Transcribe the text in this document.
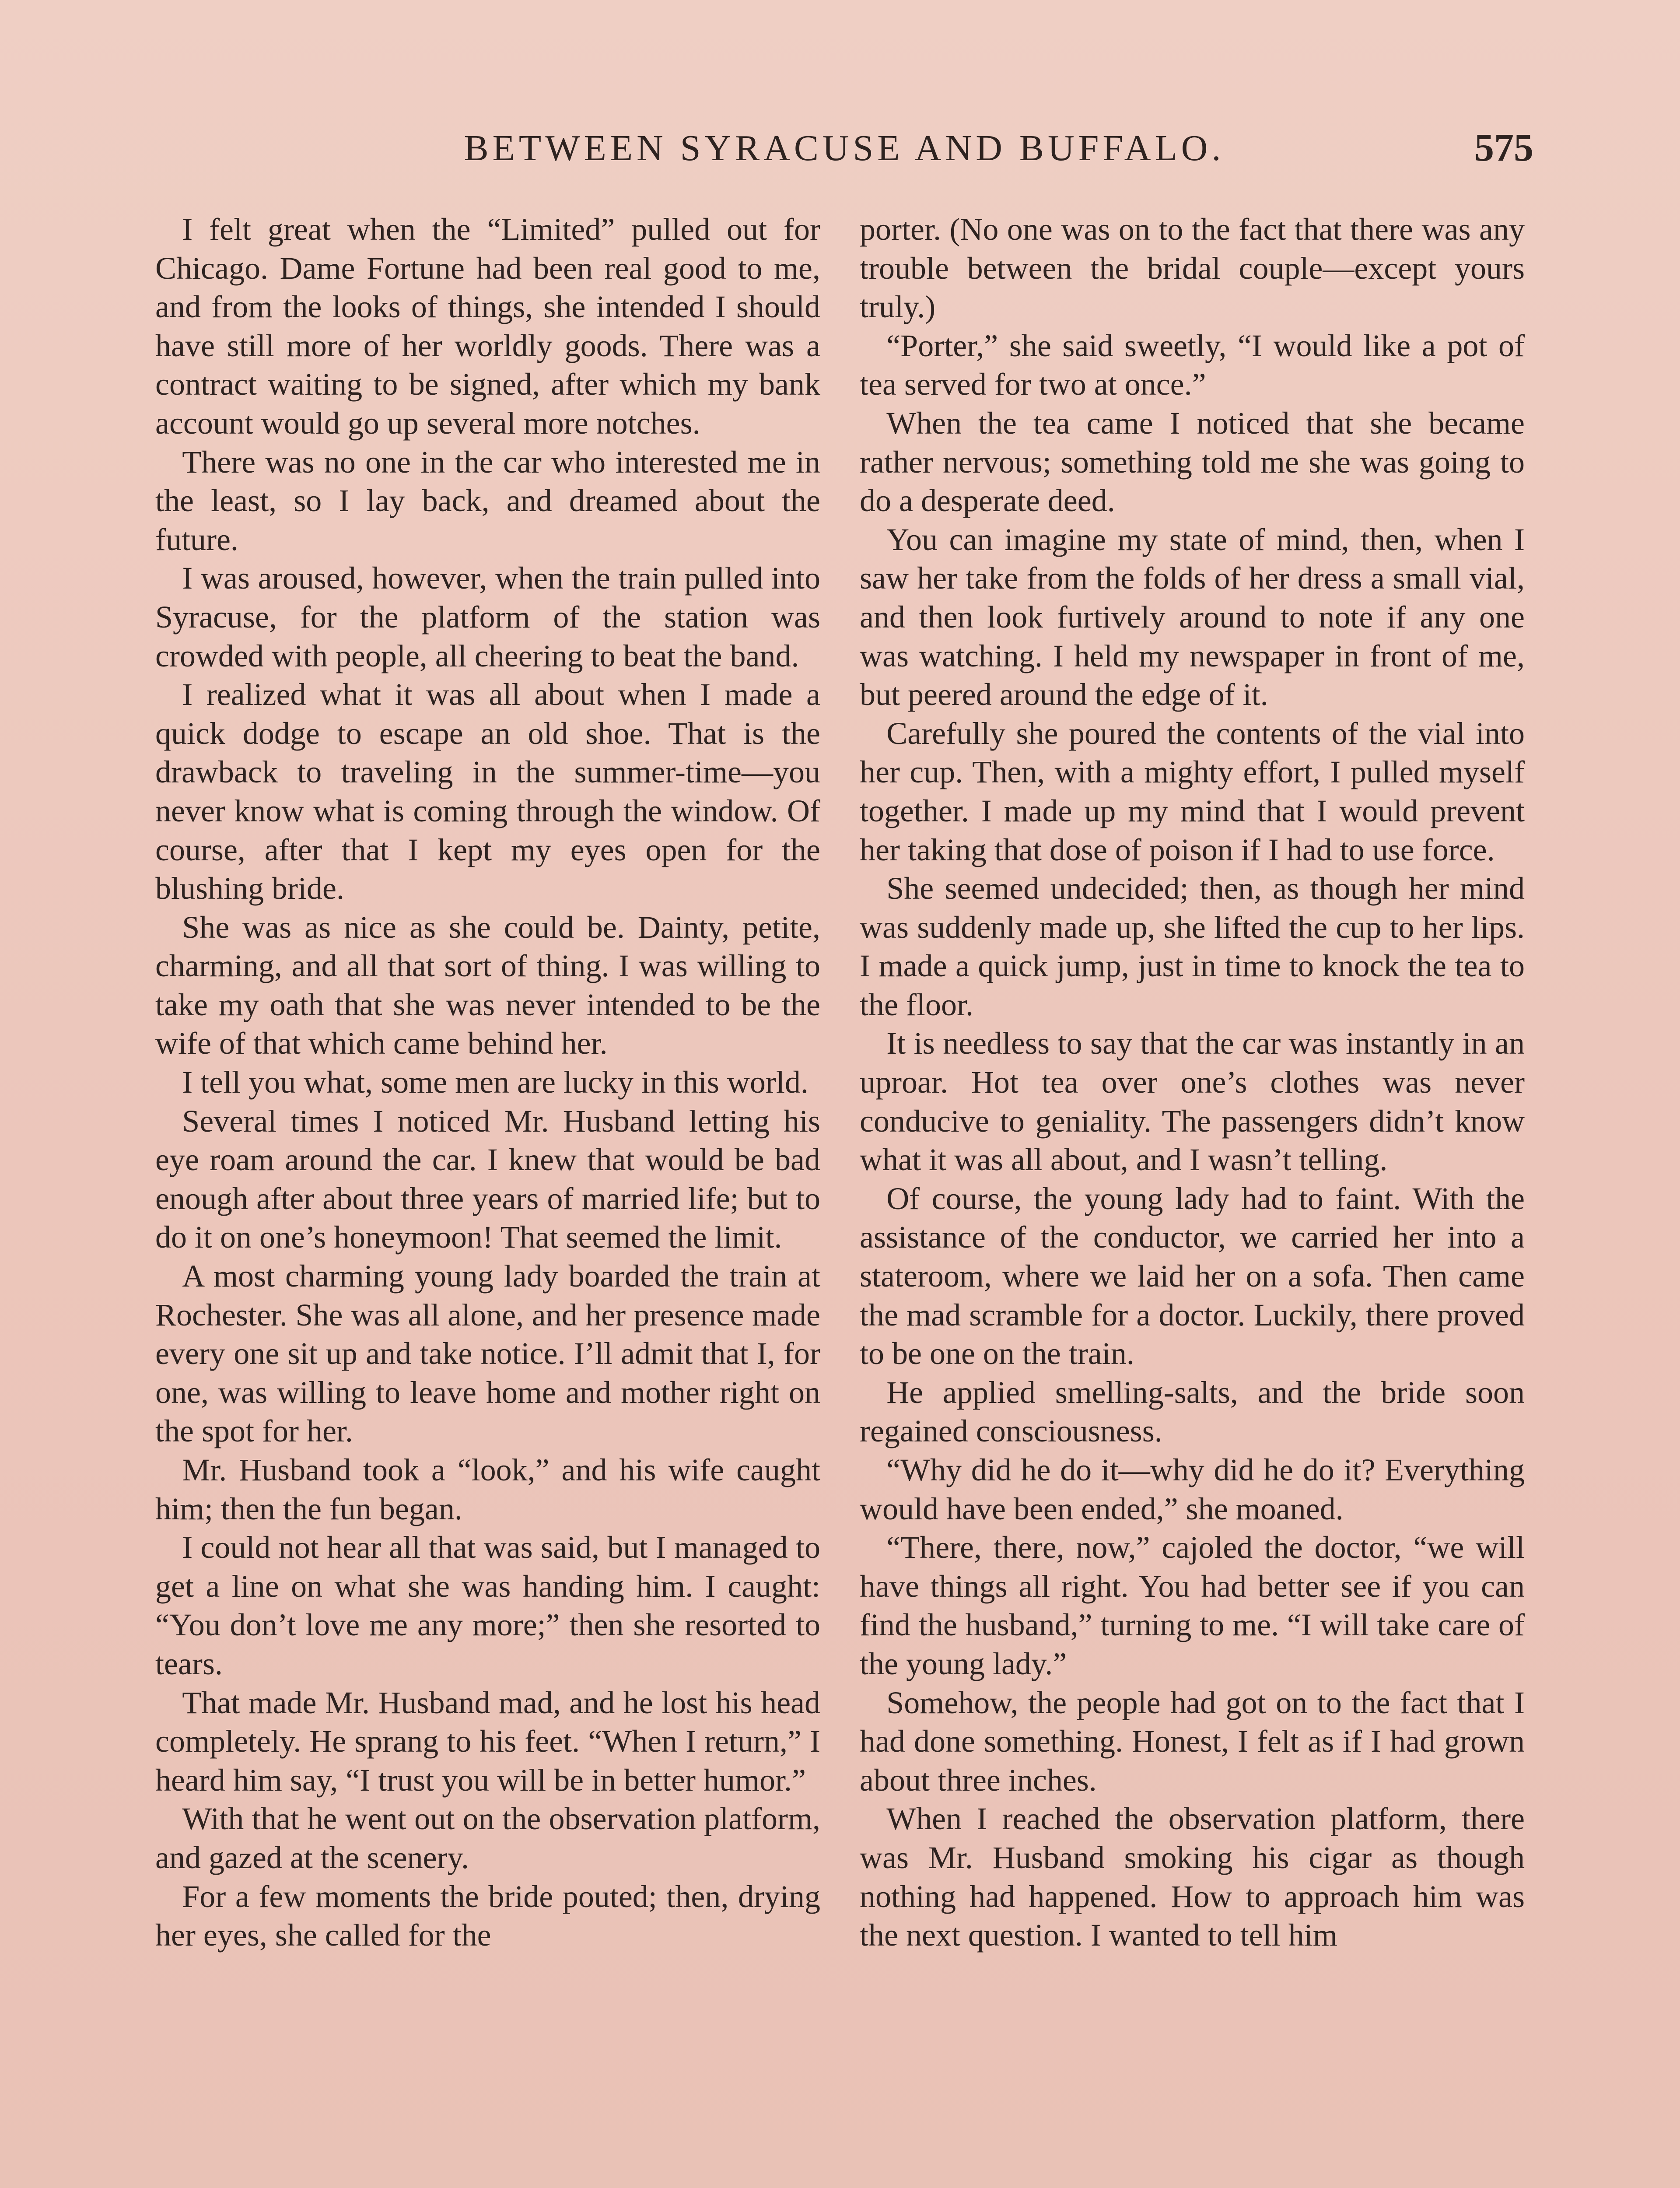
BETWEEN SYRACUSE AND BUFFALO.	575

I felt great when the “Limited” pulled out for Chicago. Dame Fortune had been real good to me, and from the looks of things, she intended I should have still more of her worldly goods. There was a contract waiting to be signed, after which my bank account would go up several more notches.

There was no one in the car who interested me in the least, so I lay back, and dreamed about the future.

I was aroused, however, when the train pulled into Syracuse, for the platform of the station was crowded with people, all cheering to beat the band.

I realized what it was all about when I made a quick dodge to escape an old shoe. That is the drawback to traveling in the summer-time—you never know what is coming through the window. Of course, after that I kept my eyes open for the blushing bride.

She was as nice as she could be. Dainty, petite, charming, and all that sort of thing. I was willing to take my oath that she was never intended to be the wife of that which came behind her.

I tell you what, some men are lucky in this world.

Several times I noticed Mr. Husband letting his eye roam around the car. I knew that would be bad enough after about three years of married life; but to do it on one’s honeymoon! That seemed the limit.

A most charming young lady boarded the train at Rochester. She was all alone, and her presence made every one sit up and take notice. I’ll admit that I, for one, was willing to leave home and mother right on the spot for her.

Mr. Husband took a “look,” and his wife caught him; then the fun began.

I could not hear all that was said, but I managed to get a line on what she was handing him. I caught: “You don’t love me any more;” then she resorted to tears.

That made Mr. Husband mad, and he lost his head completely. He sprang to his feet. “When I return,” I heard him say, “I trust you will be in better humor.”

With that he went out on the observation platform, and gazed at the scenery.

For a few moments the bride pouted; then, drying her eyes, she called for the

porter. (No one was on to the fact that there was any trouble between the bridal couple—except yours truly.)

“Porter,” she said sweetly, “I would like a pot of tea served for two at once.”

When the tea came I noticed that she became rather nervous; something told me she was going to do a desperate deed.

You can imagine my state of mind, then, when I saw her take from the folds of her dress a small vial, and then look furtively around to note if any one was watching. I held my newspaper in front of me, but peered around the edge of it.

Carefully she poured the contents of the vial into her cup. Then, with a mighty effort, I pulled myself together. I made up my mind that I would prevent her taking that dose of poison if I had to use force.

She seemed undecided; then, as though her mind was suddenly made up, she lifted the cup to her lips. I made a quick jump, just in time to knock the tea to the floor.

It is needless to say that the car was instantly in an uproar. Hot tea over one’s clothes was never conducive to geniality. The passengers didn’t know what it was all about, and I wasn’t telling.

Of course, the young lady had to faint. With the assistance of the conductor, we carried her into a stateroom, where we laid her on a sofa. Then came the mad scramble for a doctor. Luckily, there proved to be one on the train.

He applied smelling-salts, and the bride soon regained consciousness.

“Why did he do it—why did he do it? Everything would have been ended,” she moaned.

“There, there, now,” cajoled the doctor, “we will have things all right. You had better see if you can find the husband,” turning to me. “I will take care of the young lady.”

Somehow, the people had got on to the fact that I had done something. Honest, I felt as if I had grown about three inches.

When I reached the observation platform, there was Mr. Husband smoking his cigar as though nothing had happened. How to approach him was the next question. I wanted to tell him
